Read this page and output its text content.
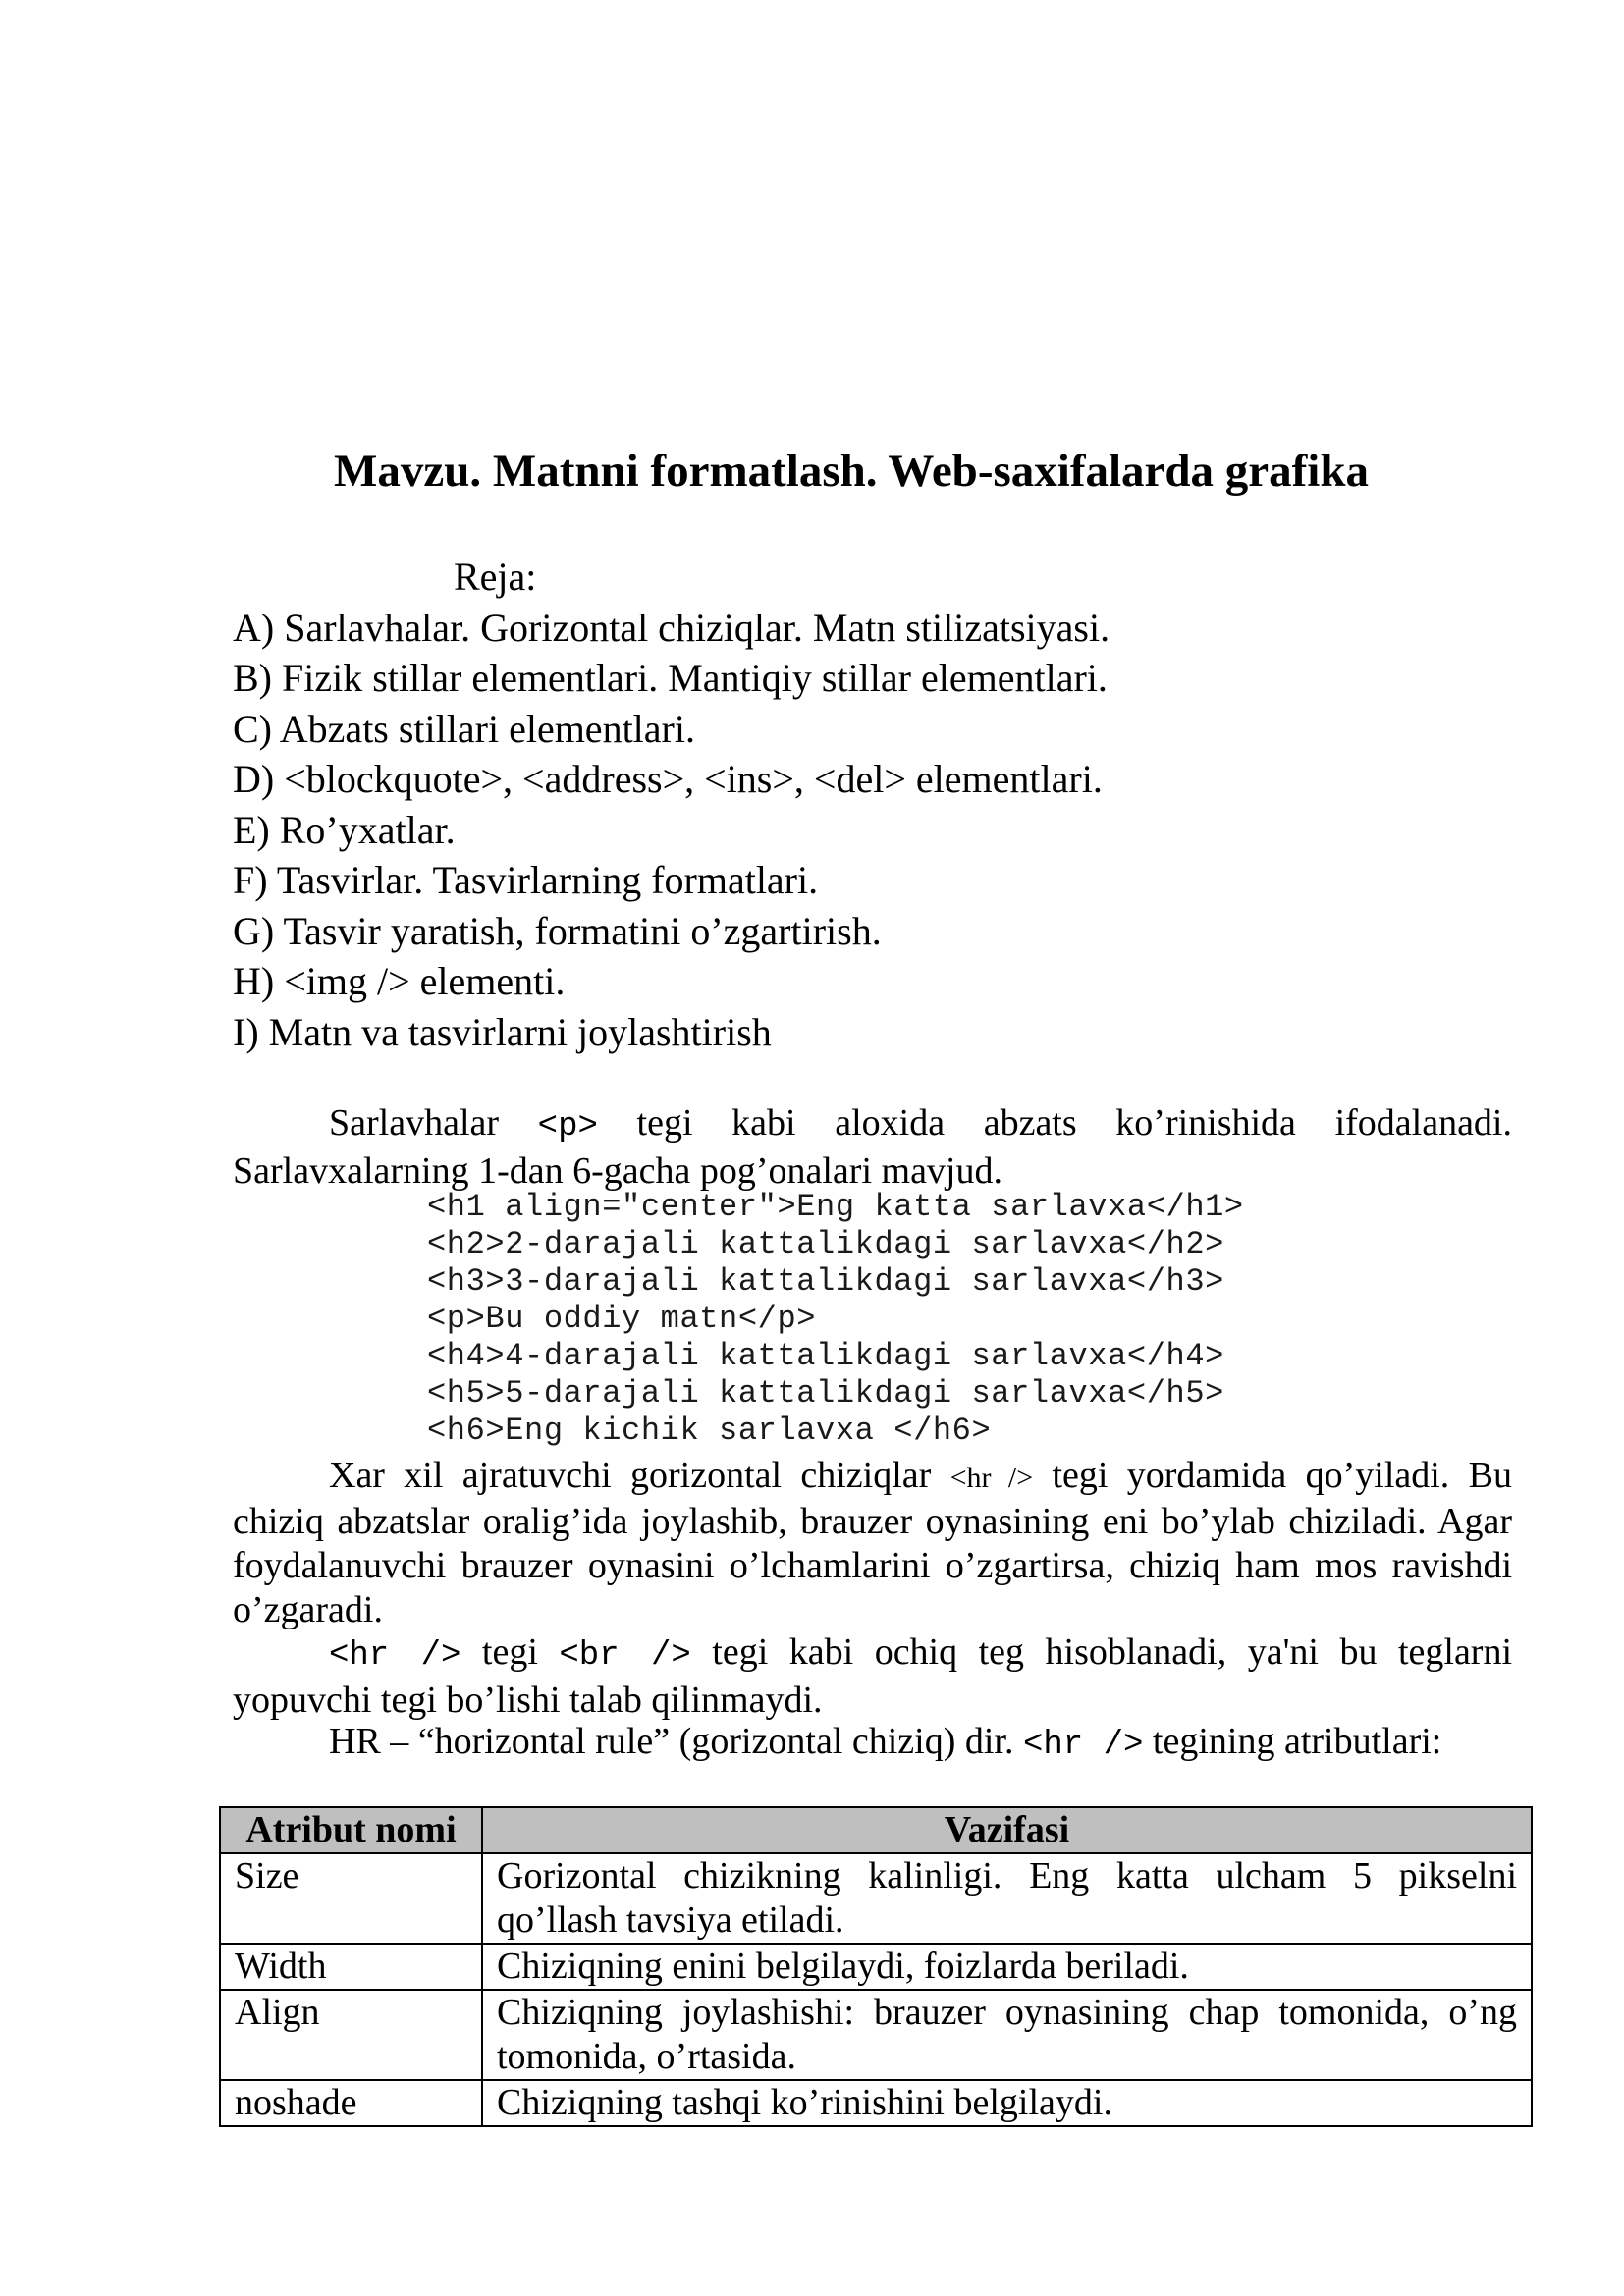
Mavzu. Matnni formatlash. Web-saxifalarda grafika
Reja:
A) Sarlavhalar. Gorizontal chiziqlar. Matn stilizatsiyasi.
B) Fizik stillar elementlari. Mantiqiy stillar elementlari.
C) Abzats stillari elementlari.
D) <blockquote>, <address>, <ins>, <del> elementlari.
E) Ro’yxatlar.
F) Tasvirlar. Tasvirlarning formatlari.
G) Tasvir yaratish, formatini o’zgartirish.
H) <img /> elementi.
I) Matn va tasvirlarni joylashtirish
Sarlavhalar <p> tegi kabi aloxida abzats ko’rinishida ifodalanadi. Sarlavxalarning 1-dan 6-gacha pog’onalari mavjud.
<h1 align="center">Eng katta sarlavxa</h1>
<h2>2-darajali kattalikdagi sarlavxa</h2>
<h3>3-darajali kattalikdagi sarlavxa</h3>
<p>Bu oddiy matn</p>
<h4>4-darajali kattalikdagi sarlavxa</h4>
<h5>5-darajali kattalikdagi sarlavxa</h5>
<h6>Eng kichik sarlavxa </h6>
Xar xil ajratuvchi gorizontal chiziqlar <hr /> tegi yordamida qo’yiladi. Bu chiziq abzatslar oralig’ida joylashib, brauzer oynasining eni bo’ylab chiziladi. Agar foydalanuvchi brauzer oynasini o’lchamlarini o’zgartirsa, chiziq ham mos ravishdi o’zgaradi.
<hr /> tegi <br /> tegi kabi ochiq teg hisoblanadi, ya'ni bu teglarni yopuvchi tegi bo’lishi talab qilinmaydi.
HR – “horizontal rule” (gorizontal chiziq) dir. <hr /> tegining atributlari:
Atribut nomi	Vazifasi
Size	Gorizontal chizikning kalinligi. Eng katta ulcham 5 pikselni qo’llash tavsiya etiladi.
Width	Chiziqning enini belgilaydi, foizlarda beriladi.
Align	Chiziqning joylashishi: brauzer oynasining chap tomonida, o’ng tomonida, o’rtasida.
noshade	Chiziqning tashqi ko’rinishini belgilaydi.
